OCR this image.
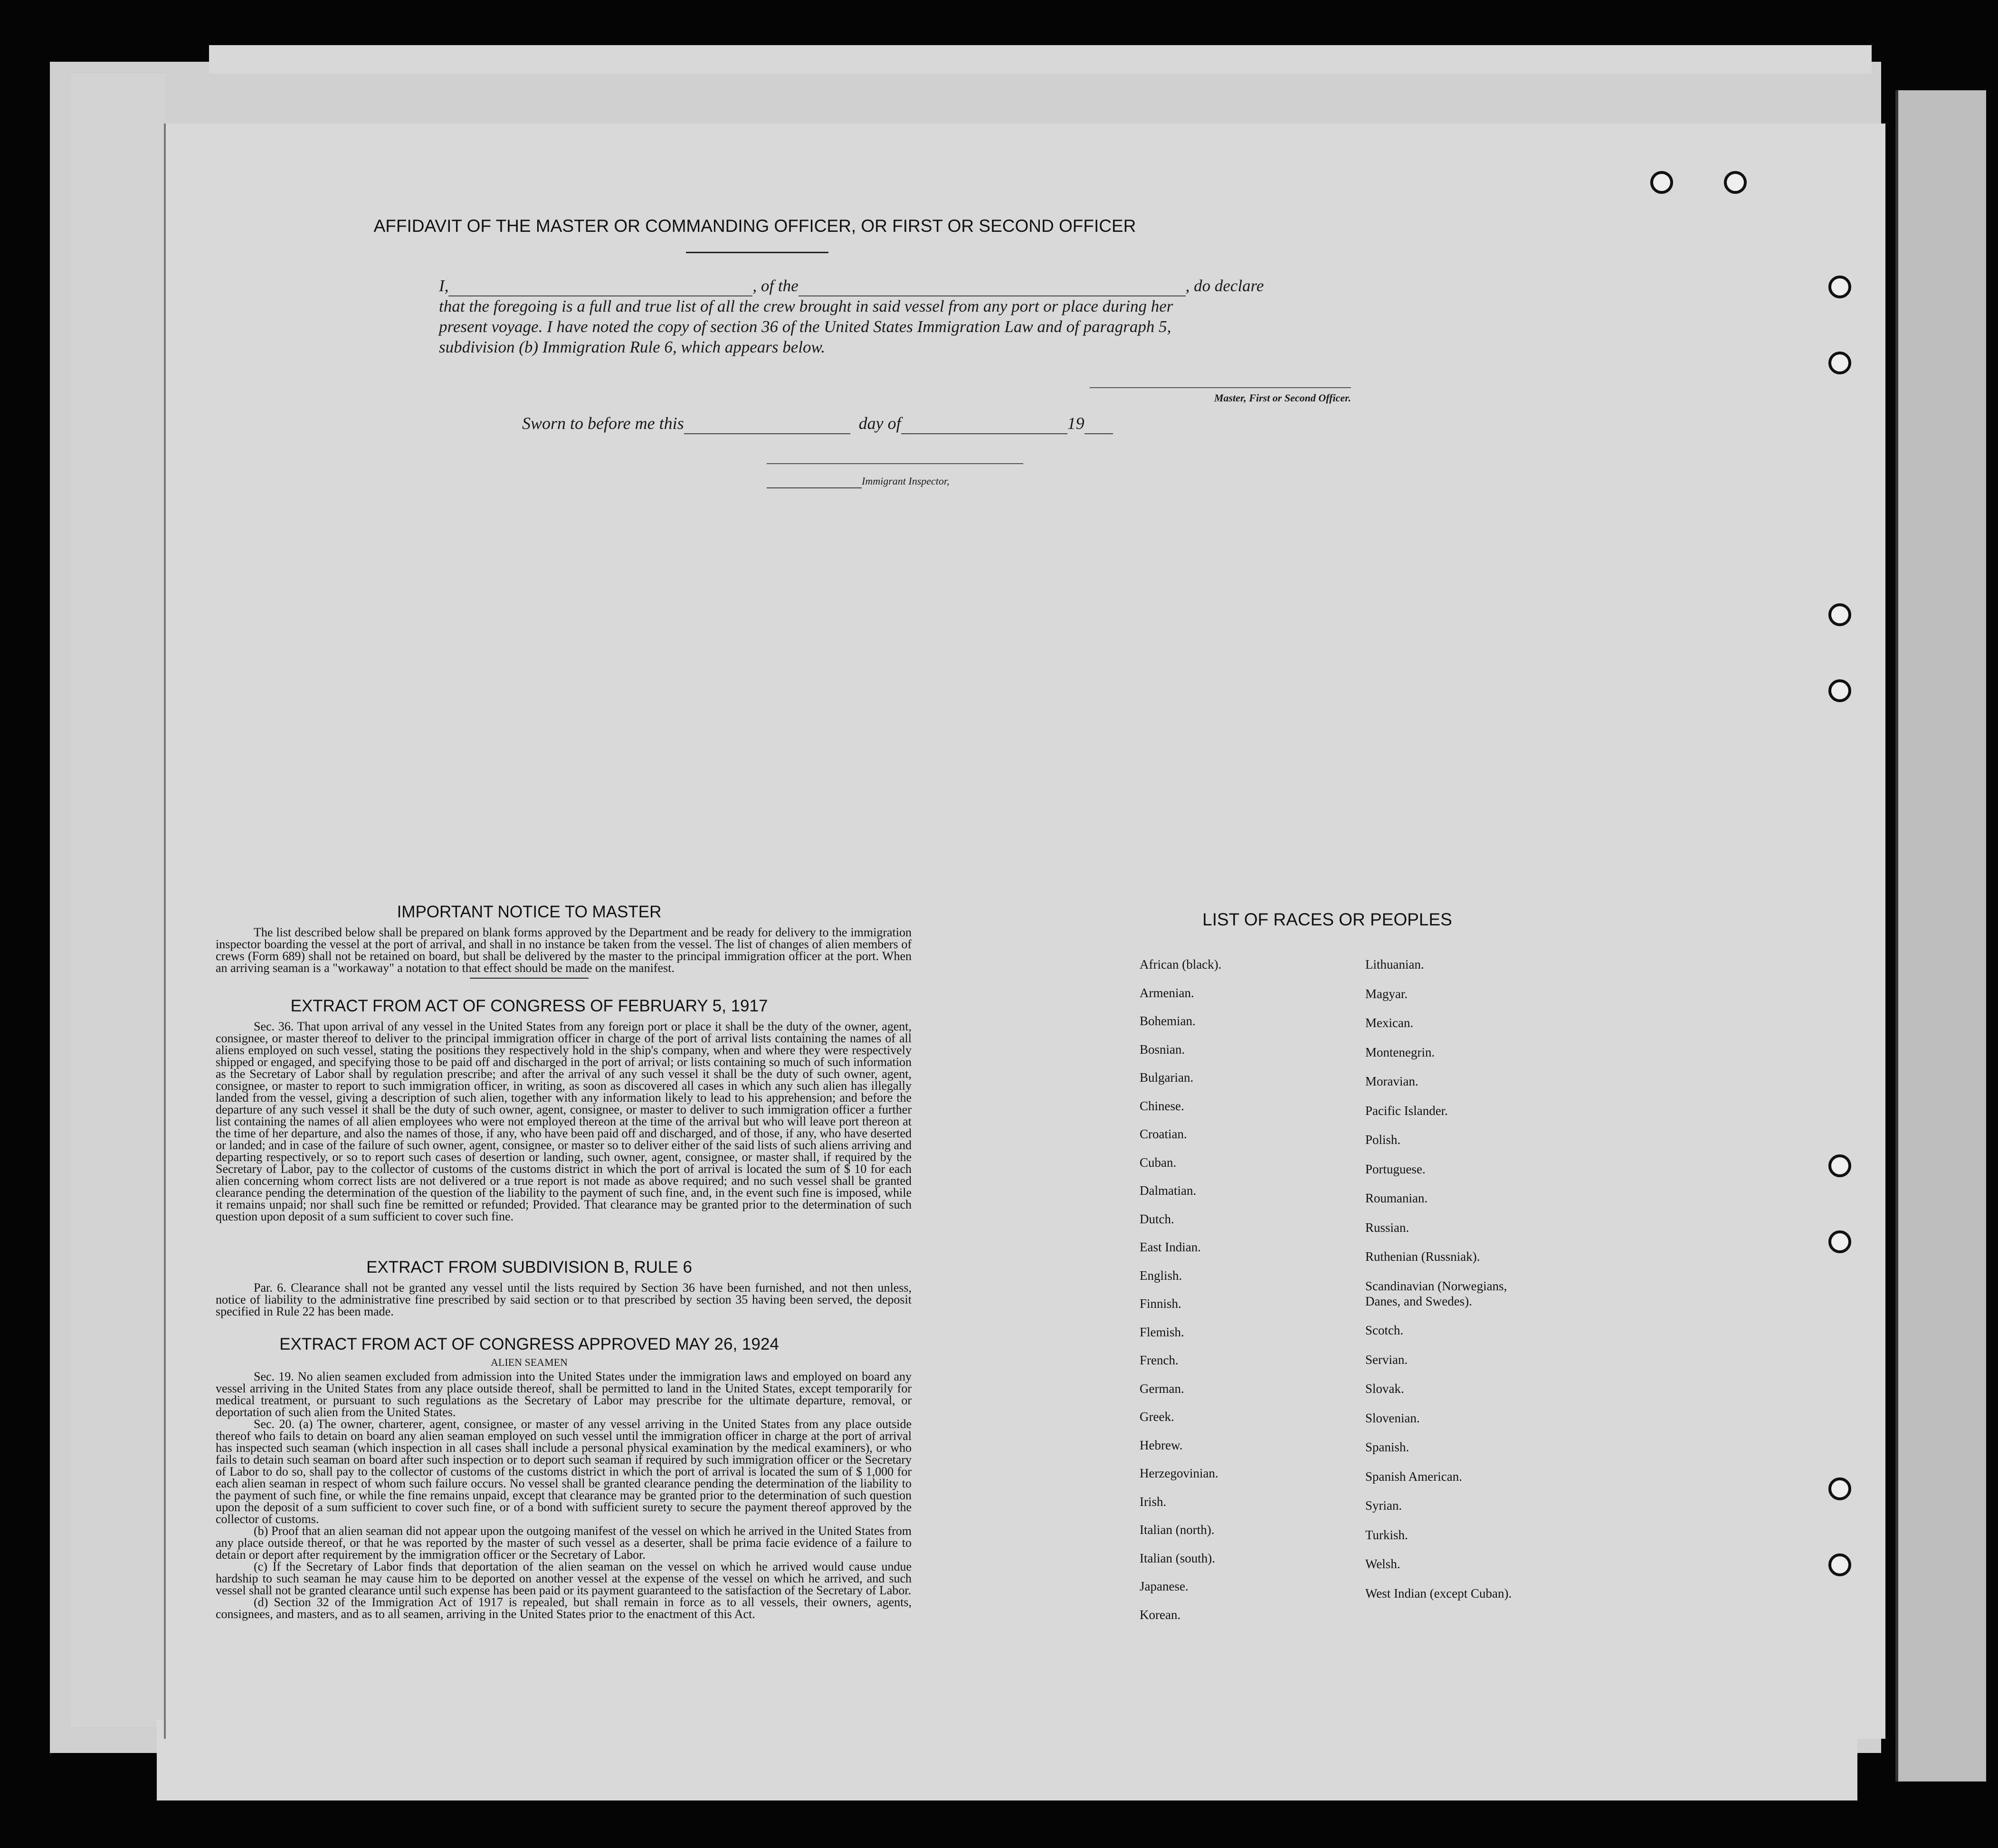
AFFIDAVIT OF THE MASTER OR COMMANDING OFFICER, OR FIRST OR SECOND OFFICER
I,	, of the	, do declare
that the foregoing is a full and true list of all the crew brought in said vessel from any port or place during her
present voyage. I have noted the copy of section 36 of the United States Immigration Law and of paragraph 5,
subdivision (b) Immigration Rule 6, which appears below.
Master, First or Second Officer.
Sworn to before me this	day of	19
Immigrant Inspector,
IMPORTANT NOTICE TO MASTER
The list described below shall be prepared on blank forms approved by the Department and be ready for delivery to the immigration inspector boarding the vessel at the port of arrival, and shall in no instance be taken from the vessel. The list of changes of alien members of crews (Form 689) shall not be retained on board, but shall be delivered by the master to the principal immigration officer at the port. When an arriving seaman is a "workaway" a notation to that effect should be made on the manifest.
EXTRACT FROM ACT OF CONGRESS OF FEBRUARY 5, 1917
Sec. 36. That upon arrival of any vessel in the United States from any foreign port or place it shall be the duty of the owner, agent, consignee, or master thereof to deliver to the principal immigration officer in charge of the port of arrival lists containing the names of all aliens employed on such vessel, stating the positions they respectively hold in the ship's company, when and where they were respectively shipped or engaged, and specifying those to be paid off and discharged in the port of arrival; or lists containing so much of such information as the Secretary of Labor shall by regulation prescribe; and after the arrival of any such vessel it shall be the duty of such owner, agent, consignee, or master to report to such immigration officer, in writing, as soon as discovered all cases in which any such alien has illegally landed from the vessel, giving a description of such alien, together with any information likely to lead to his apprehension; and before the departure of any such vessel it shall be the duty of such owner, agent, consignee, or master to deliver to such immigration officer a further list containing the names of all alien employees who were not employed thereon at the time of the arrival but who will leave port thereon at the time of her departure, and also the names of those, if any, who have been paid off and discharged, and of those, if any, who have deserted or landed; and in case of the failure of such owner, agent, consignee, or master so to deliver either of the said lists of such aliens arriving and departing respectively, or so to report such cases of desertion or landing, such owner, agent, consignee, or master shall, if required by the Secretary of Labor, pay to the collector of customs of the customs district in which the port of arrival is located the sum of $ 10 for each alien concerning whom correct lists are not delivered or a true report is not made as above required; and no such vessel shall be granted clearance pending the determination of the question of the liability to the payment of such fine, and, in the event such fine is imposed, while it remains unpaid; nor shall such fine be remitted or refunded; Provided. That clearance may be granted prior to the determination of such question upon deposit of a sum sufficient to cover such fine.
EXTRACT FROM SUBDIVISION B, RULE 6
Par. 6. Clearance shall not be granted any vessel until the lists required by Section 36 have been furnished, and not then unless, notice of liability to the administrative fine prescribed by said section or to that prescribed by section 35 having been served, the deposit specified in Rule 22 has been made.
EXTRACT FROM ACT OF CONGRESS APPROVED MAY 26, 1924
ALIEN SEAMEN
Sec. 19. No alien seamen excluded from admission into the United States under the immigration laws and employed on board any vessel arriving in the United States from any place outside thereof, shall be permitted to land in the United States, except temporarily for medical treatment, or pursuant to such regulations as the Secretary of Labor may prescribe for the ultimate departure, removal, or deportation of such alien from the United States.
Sec. 20. (a) The owner, charterer, agent, consignee, or master of any vessel arriving in the United States from any place outside thereof who fails to detain on board any alien seaman employed on such vessel until the immigration officer in charge at the port of arrival has inspected such seaman (which inspection in all cases shall include a personal physical examination by the medical examiners), or who fails to detain such seaman on board after such inspection or to deport such seaman if required by such immigration officer or the Secretary of Labor to do so, shall pay to the collector of customs of the customs district in which the port of arrival is located the sum of $ 1,000 for each alien seaman in respect of whom such failure occurs. No vessel shall be granted clearance pending the determination of the liability to the payment of such fine, or while the fine remains unpaid, except that clearance may be granted prior to the determination of such question upon the deposit of a sum sufficient to cover such fine, or of a bond with sufficient surety to secure the payment thereof approved by the collector of customs.
(b) Proof that an alien seaman did not appear upon the outgoing manifest of the vessel on which he arrived in the United States from any place outside thereof, or that he was reported by the master of such vessel as a deserter, shall be prima facie evidence of a failure to detain or deport after requirement by the immigration officer or the Secretary of Labor.
(c) If the Secretary of Labor finds that deportation of the alien seaman on the vessel on which he arrived would cause undue hardship to such seaman he may cause him to be deported on another vessel at the expense of the vessel on which he arrived, and such vessel shall not be granted clearance until such expense has been paid or its payment guaranteed to the satisfaction of the Secretary of Labor.
(d) Section 32 of the Immigration Act of 1917 is repealed, but shall remain in force as to all vessels, their owners, agents, consignees, and masters, and as to all seamen, arriving in the United States prior to the enactment of this Act.
LIST OF RACES OR PEOPLES
African (black).
Armenian.
Bohemian.
Bosnian.
Bulgarian.
Chinese.
Croatian.
Cuban.
Dalmatian.
Dutch.
East Indian.
English.
Finnish.
Flemish.
French.
German.
Greek.
Hebrew.
Herzegovinian.
Irish.
Italian (north).
Italian (south).
Japanese.
Korean.
Lithuanian.
Magyar.
Mexican.
Montenegrin.
Moravian.
Pacific Islander.
Polish.
Portuguese.
Roumanian.
Russian.
Ruthenian (Russniak).
Scandinavian (Norwegians,
Danes, and Swedes).
Scotch.
Servian.
Slovak.
Slovenian.
Spanish.
Spanish American.
Syrian.
Turkish.
Welsh.
West Indian (except Cuban).
